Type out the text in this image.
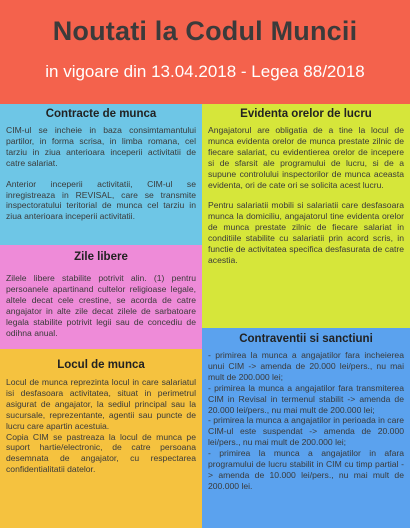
Noutati la Codul Muncii
in vigoare din 13.04.2018 - Legea 88/2018
Contracte de munca

CIM-ul se incheie in baza consimtamantului partilor, in forma scrisa, in limba romana, cel tarziu in ziua anterioara inceperii activitatii de catre salariat.

Anterior inceperii activitatii, CIM-ul se inregistreaza in REVISAL, care se transmite inspectoratului teritorial de munca cel tarziu in ziua anterioara inceperii activitatii.

Evidenta orelor de lucru

Angajatorul are obligatia de a tine la locul de munca evidenta orelor de munca prestate zilnic de fiecare salariat, cu evidentierea orelor de incepere si de sfarsit ale programului de lucru, si de a supune controlului inspectorilor de munca aceasta evidenta, ori de cate ori se solicita acest lucru.

Pentru salariatii mobili si salariatii care desfasoara munca la domiciliu, angajatorul tine evidenta orelor de munca prestate zilnic de fiecare salariat in conditiile stabilite cu salariatii prin acord scris, in functie de activitatea specifica desfasurata de catre acestia.

Zile libere

Zilele libere stabilite potrivit alin. (1) pentru persoanele apartinand cultelor religioase legale, altele decat cele crestine, se acorda de catre angajator in alte zile decat zilele de sarbatoare legala stabilite potrivit legii sau de concediu de odihna anual.

Locul de munca

Locul de munca reprezinta locul in care salariatul isi desfasoara activitatea, situat in perimetrul asigurat de angajator, la sediul principal sau la sucursale, reprezentante, agentii sau puncte de lucru care apartin acestuia.

Copia CIM se pastreaza la locul de munca pe suport hartie/electronic, de catre persoana desemnata de angajator, cu respectarea confidentialitatii datelor.

Contraventii si sanctiuni

- primirea la munca a angajatilor fara incheierea unui CIM -> amenda de 20.000 lei/pers., nu mai mult de 200.000 lei;

- primirea la munca a angajatilor fara transmiterea CIM in Revisal in termenul stabilit -> amenda de 20.000 lei/pers., nu mai mult de 200.000 lei;

- primirea la munca a angajatilor in perioada in care CIM-ul este suspendat -> amenda de 20.000 lei/pers., nu mai mult de 200.000 lei;

- primirea la munca a angajatilor in afara programului de lucru stabilit in CIM cu timp partial -> amenda de 10.000 lei/pers., nu mai mult de 200.000 lei.
